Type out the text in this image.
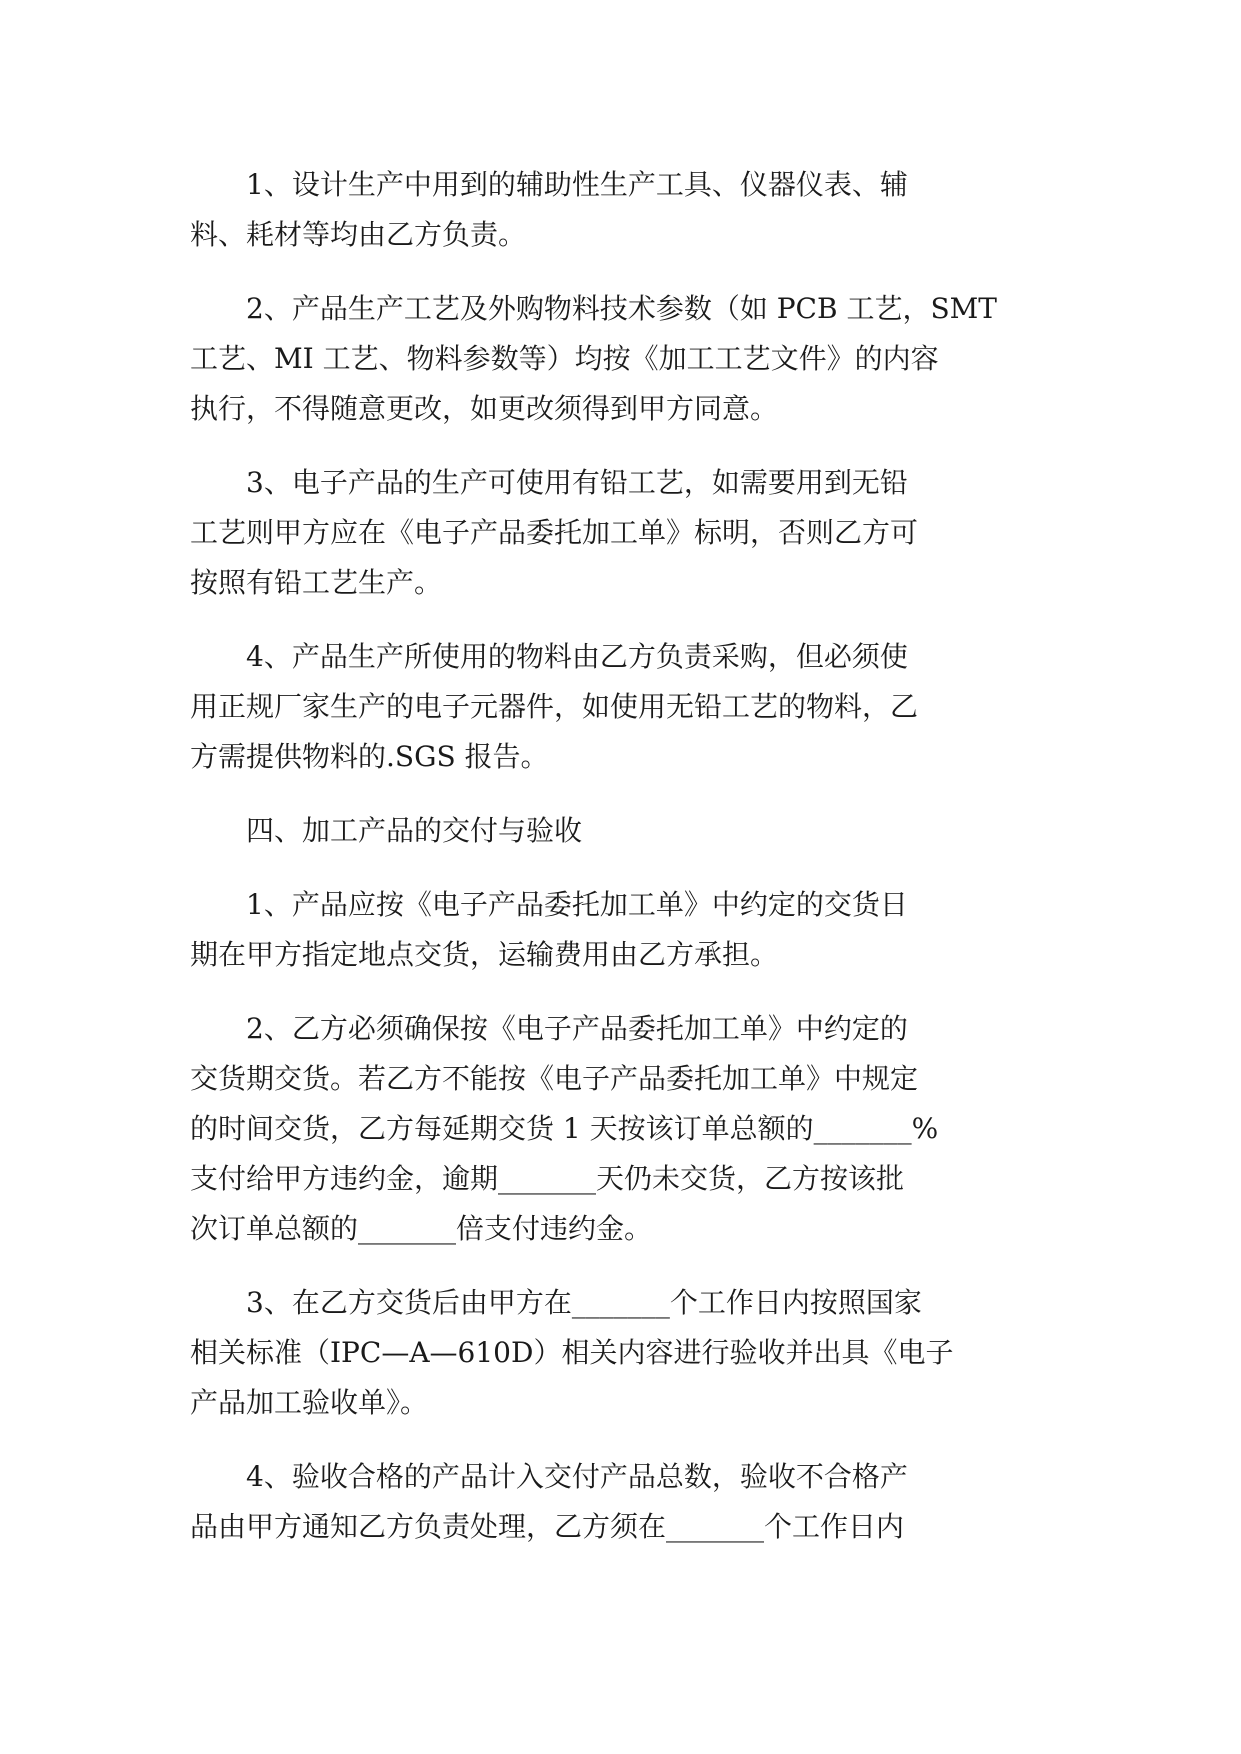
1、设计生产中用到的辅助性生产工具、仪器仪表、辅

料、耗材等均由乙方负责。

2、产品生产工艺及外购物料技术参数（如 PCB 工艺，SMT

工艺、MI 工艺、物料参数等）均按《加工工艺文件》的内容

执行，不得随意更改，如更改须得到甲方同意。

3、电子产品的生产可使用有铅工艺，如需要用到无铅

工艺则甲方应在《电子产品委托加工单》标明，否则乙方可

按照有铅工艺生产。

4、产品生产所使用的物料由乙方负责采购，但必须使

用正规厂家生产的电子元器件，如使用无铅工艺的物料，乙

方需提供物料的.SGS 报告。

四、加工产品的交付与验收

1、产品应按《电子产品委托加工单》中约定的交货日

期在甲方指定地点交货，运输费用由乙方承担。

2、乙方必须确保按《电子产品委托加工单》中约定的

交货期交货。若乙方不能按《电子产品委托加工单》中规定

的时间交货，乙方每延期交货 1 天按该订单总额的_______%

支付给甲方违约金，逾期_______天仍未交货，乙方按该批

次订单总额的_______倍支付违约金。

3、在乙方交货后由甲方在_______个工作日内按照国家

相关标准（IPC—A—610D）相关内容进行验收并出具《电子

产品加工验收单》。

4、验收合格的产品计入交付产品总数，验收不合格产

品由甲方通知乙方负责处理，乙方须在_______个工作日内
